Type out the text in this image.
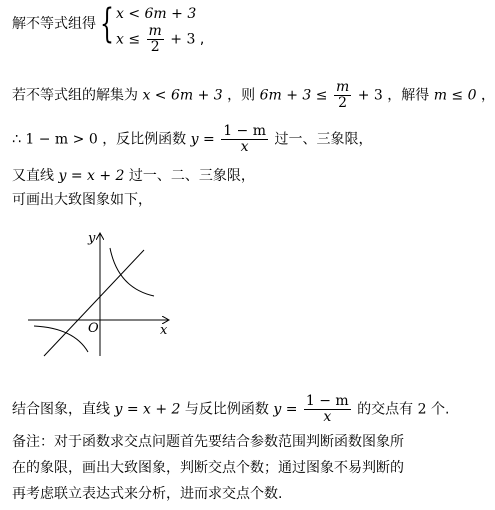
解不等式组得 { x < 6m + 3
$x \le \frac{m}{2} + 3$ ,
若不等式组的解集为 x < 6m + 3 ，则 $6m + 3 \le \frac{m}{2} + 3$ ，解得 m ≤ 0 ，
∴ 1 − m > 0 ，反比例函数 $y = \frac{1 - m}{x}$ 过一、三象限，
又直线 y = x + 2 过一、二、三象限，
可画出大致图象如下，
y
x
O
结合图象，直线 y = x + 2 与反比例函数 $y = \frac{1 - m}{x}$ 的交点有 2 个.
备注：对于函数求交点问题首先要结合参数范围判断函数图象所
在的象限，画出大致图象，判断交点个数；通过图象不易判断的
再考虑联立表达式来分析，进而求交点个数.
